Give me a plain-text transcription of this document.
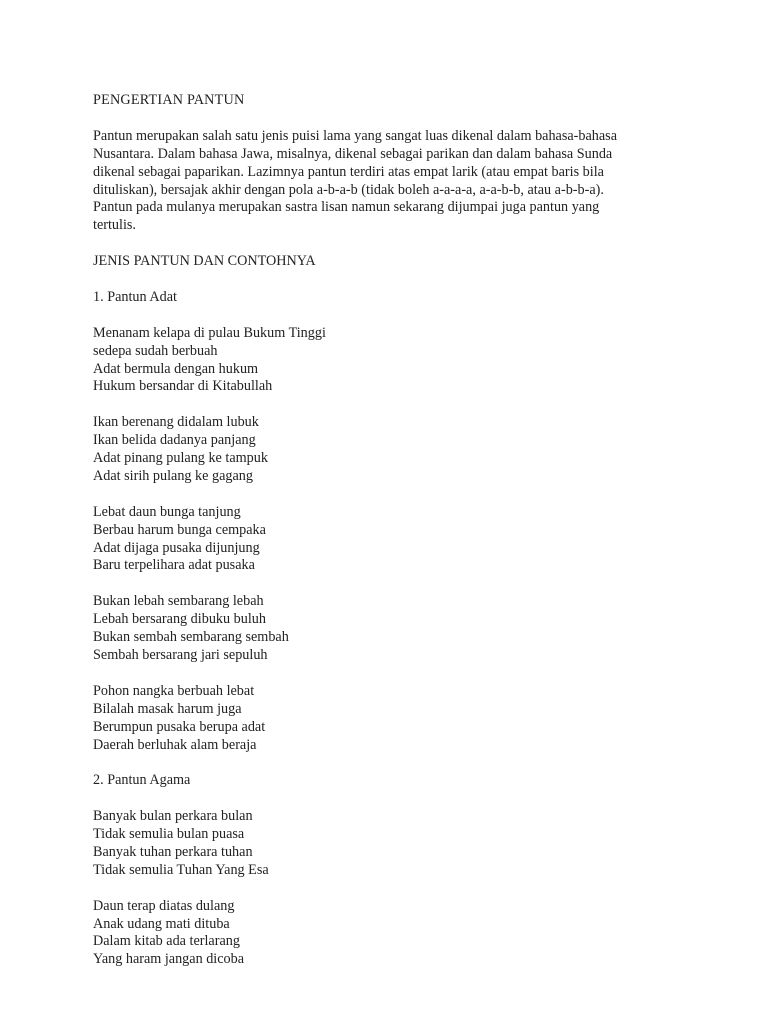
PENGERTIAN PANTUN
Pantun merupakan salah satu jenis puisi lama yang sangat luas dikenal dalam bahasa-bahasa
Nusantara. Dalam bahasa Jawa, misalnya, dikenal sebagai parikan dan dalam bahasa Sunda
dikenal sebagai paparikan. Lazimnya pantun terdiri atas empat larik (atau empat baris bila
dituliskan), bersajak akhir dengan pola a-b-a-b (tidak boleh a-a-a-a, a-a-b-b, atau a-b-b-a).
Pantun pada mulanya merupakan sastra lisan namun sekarang dijumpai juga pantun yang
tertulis.
JENIS PANTUN DAN CONTOHNYA
1. Pantun Adat
Menanam kelapa di pulau Bukum Tinggi
sedepa sudah berbuah
Adat bermula dengan hukum
Hukum bersandar di Kitabullah
Ikan berenang didalam lubuk
Ikan belida dadanya panjang
Adat pinang pulang ke tampuk
Adat sirih pulang ke gagang
Lebat daun bunga tanjung
Berbau harum bunga cempaka
Adat dijaga pusaka dijunjung
Baru terpelihara adat pusaka
Bukan lebah sembarang lebah
Lebah bersarang dibuku buluh
Bukan sembah sembarang sembah
Sembah bersarang jari sepuluh
Pohon nangka berbuah lebat
Bilalah masak harum juga
Berumpun pusaka berupa adat
Daerah berluhak alam beraja
2. Pantun Agama
Banyak bulan perkara bulan
Tidak semulia bulan puasa
Banyak tuhan perkara tuhan
Tidak semulia Tuhan Yang Esa
Daun terap diatas dulang
Anak udang mati dituba
Dalam kitab ada terlarang
Yang haram jangan dicoba
